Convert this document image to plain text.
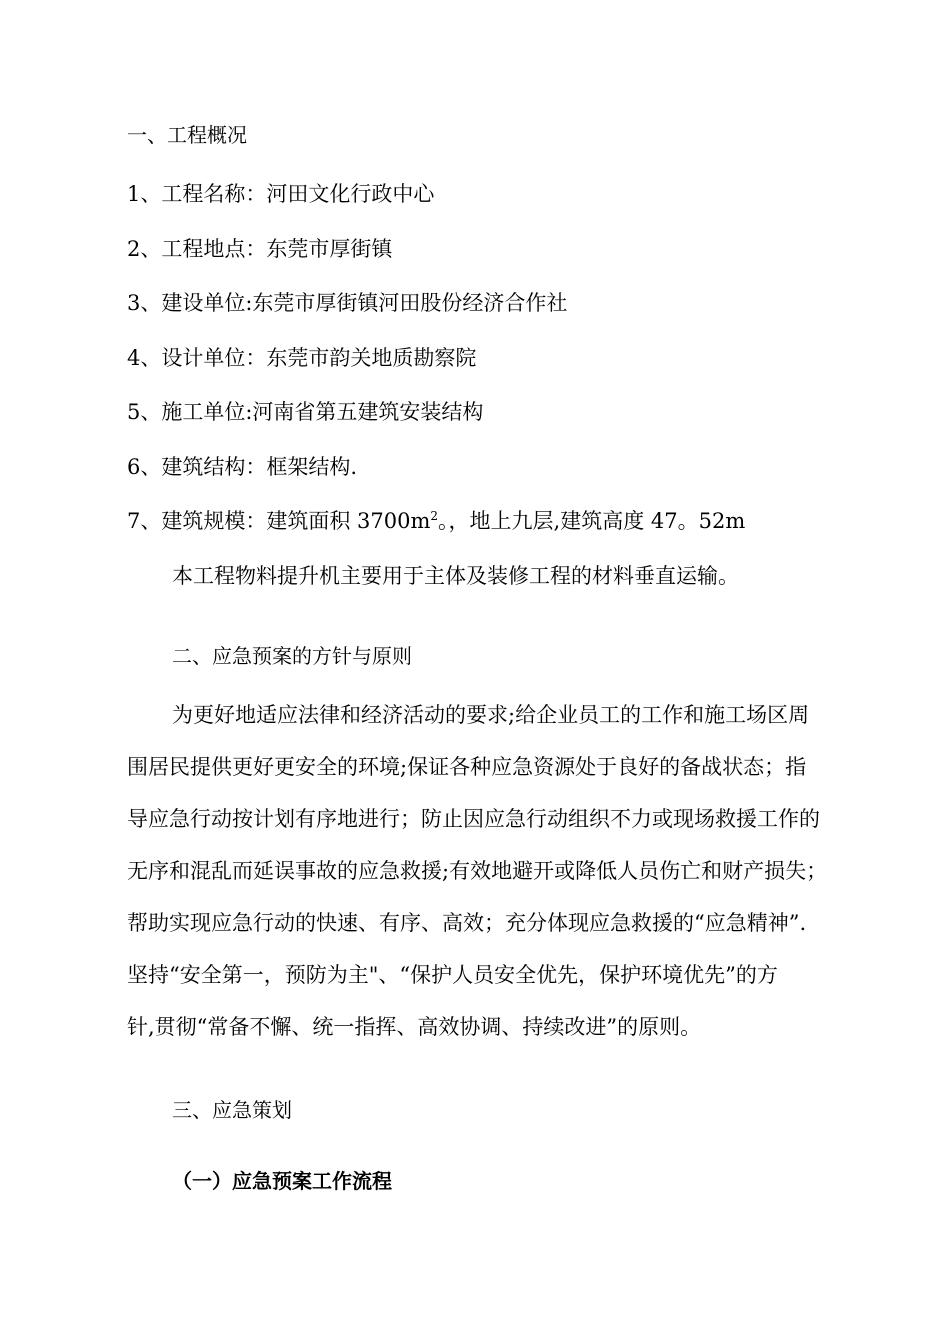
一、工程概况
1、工程名称：河田文化行政中心
2、工程地点：东莞市厚街镇
3、建设单位:东莞市厚街镇河田股份经济合作社
4、设计单位：东莞市韵关地质勘察院
5、施工单位:河南省第五建筑安装结构
6、建筑结构：框架结构.
7、建筑规模：建筑面积 $3700m^2$。，地上九层,建筑高度 47。52m
本工程物料提升机主要用于主体及装修工程的材料垂直运输。
二、应急预案的方针与原则
为更好地适应法律和经济活动的要求;给企业员工的工作和施工场区周
围居民提供更好更安全的环境;保证各种应急资源处于良好的备战状态；指
导应急行动按计划有序地进行；防止因应急行动组织不力或现场救援工作的
无序和混乱而延误事故的应急救援;有效地避开或降低人员伤亡和财产损失；
帮助实现应急行动的快速、有序、高效；充分体现应急救援的“应急精神”.
坚持“安全第一，预防为主"、“保护人员安全优先，保护环境优先”的方
针,贯彻“常备不懈、统一指挥、高效协调、持续改进”的原则。
三、应急策划
（一）应急预案工作流程
